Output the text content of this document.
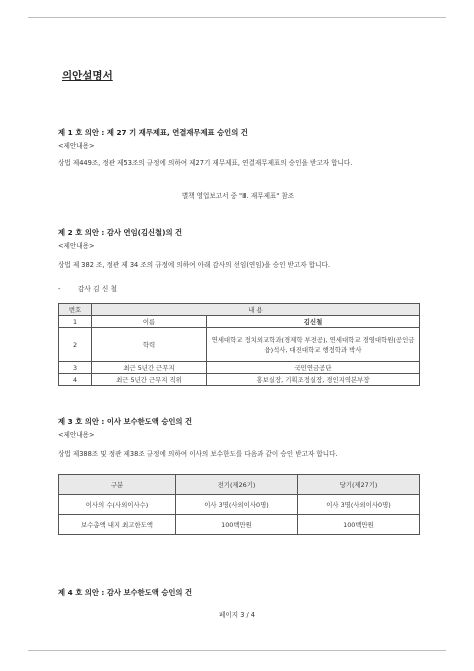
의안설명서
제 1 호 의안 : 제 27 기 재무제표, 연결재무제표 승인의 건
<제안내용>
상법 제449조, 정관 제53조의 규정에 의하여 제27기 재무제표, 연결재무제표의 승인을 받고자 합니다.
별책 영업보고서 중 "Ⅲ. 재무제표" 참조
제 2 호 의안 : 감사 연임(김신철)의 건
<제안내용>
상법 제 382 조, 정관 제 34 조의 규정에 의하여 아래 감사의 선임(연임)을 승인 받고자 합니다.
-        감사 김 신 철
번호	내 용	
1	이름	김신철
2	학력	연세대학교 정치외교학과(경제학 부전공), 연세대학교 경영대학원(공인금융)석사, 대진대학교 행정학과 박사
3	최근 5년간 근무지	국민연금공단
4	최근 5년간 근무지 직위	홍보실장, 기획조정실장, 경인지역본부장
제 3 호 의안 : 이사 보수한도액 승인의 건
<제안내용>
상법 제388조 및 정관 제38조 규정에 의하여 이사의 보수한도를 다음과 같이 승인 받고자 합니다.
구분	전기(제26기)	당기(제27기)
이사의 수(사외이사수)	이사 3명(사외이사0명)	이사 3명(사외이사0명)
보수총액 내지 최고한도액	100백만원	100백만원
제 4 호 의안 : 감사 보수한도액 승인의 건
페이지 3 / 4
